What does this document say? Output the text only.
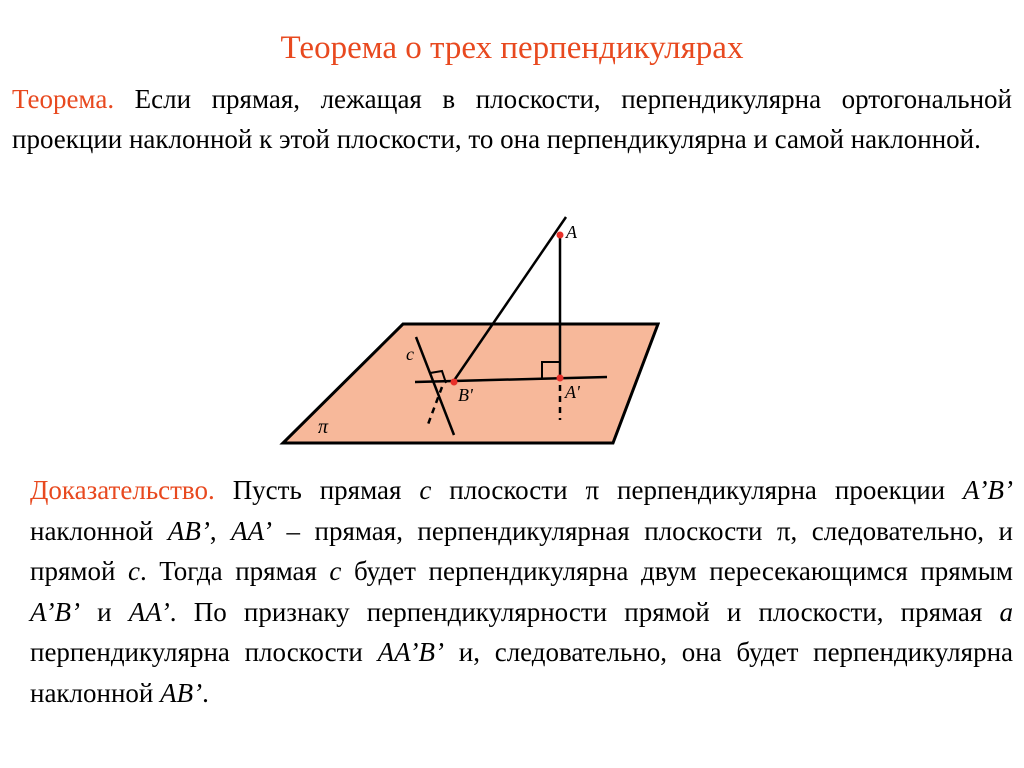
Теорема о трех перпендикулярах
Теорема. Если прямая, лежащая в плоскости, перпендикулярна ортогональной проекции наклонной к этой плоскости, то она перпендикулярна и самой наклонной.
A
A'
B'
c
π
Доказательство. Пусть прямая c плоскости π перпендикулярна проекции A’B’ наклонной AB’, AA’ – прямая, перпендикулярная плоскости π, следовательно, и прямой c. Тогда прямая c будет перпендикулярна двум пересекающимся прямым A’B’ и AA’. По признаку перпендикулярности прямой и плоскости, прямая a перпендикулярна плоскости AA’B’ и, следовательно, она будет перпендикулярна наклонной AB’.
